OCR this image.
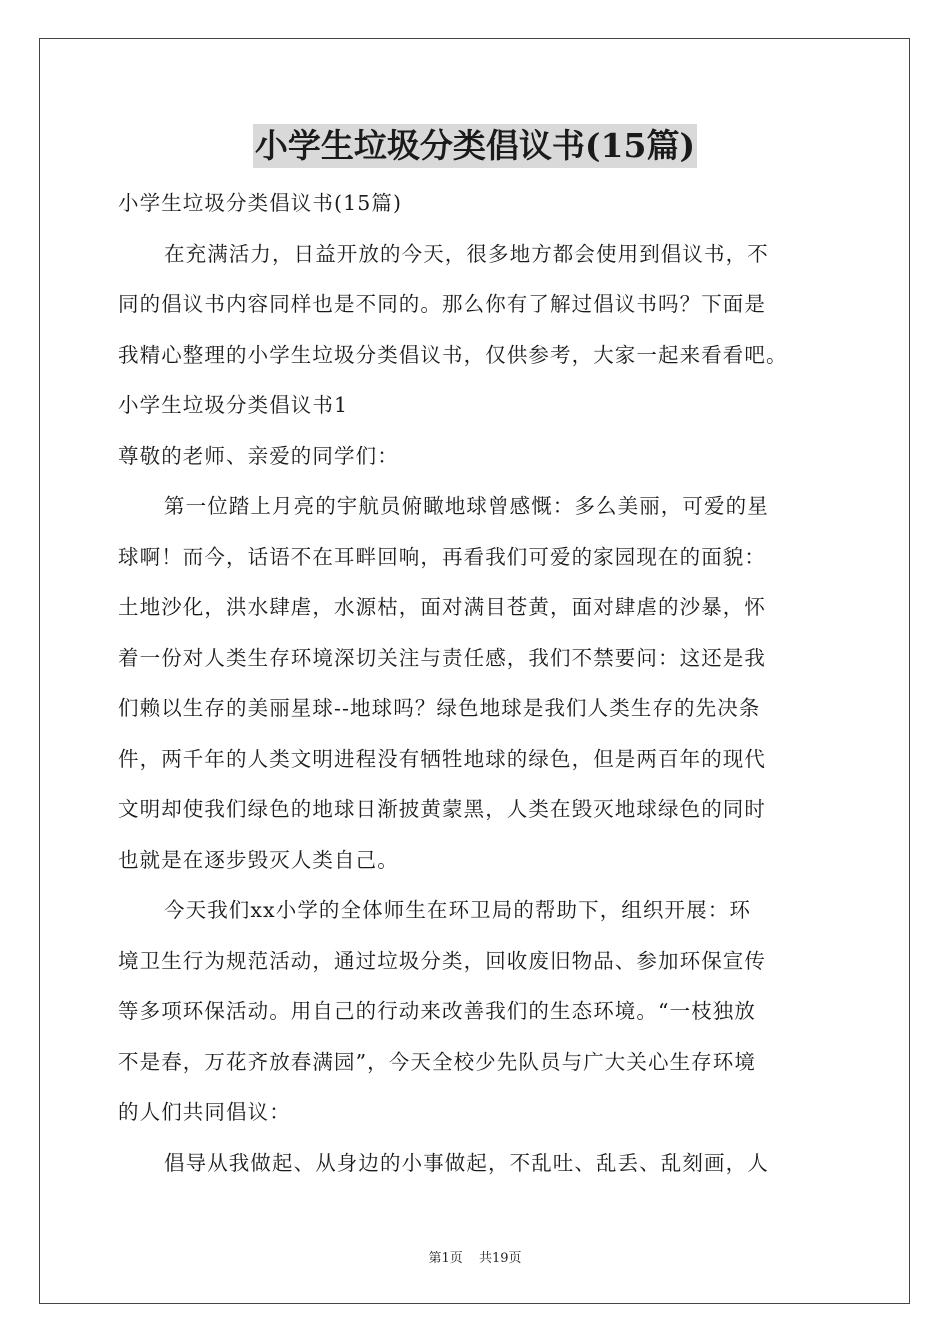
小学生垃圾分类倡议书(15篇)
小学生垃圾分类倡议书(15篇)
在充满活力，日益开放的今天，很多地方都会使用到倡议书，不
同的倡议书内容同样也是不同的。那么你有了解过倡议书吗？下面是
我精心整理的小学生垃圾分类倡议书，仅供参考，大家一起来看看吧。
小学生垃圾分类倡议书1
尊敬的老师、亲爱的同学们：
第一位踏上月亮的宇航员俯瞰地球曾感慨：多么美丽，可爱的星
球啊！而今，话语不在耳畔回响，再看我们可爱的家园现在的面貌：
土地沙化，洪水肆虐，水源枯，面对满目苍黄，面对肆虐的沙暴，怀
着一份对人类生存环境深切关注与责任感，我们不禁要问：这还是我
们赖以生存的美丽星球--地球吗？绿色地球是我们人类生存的先决条
件，两千年的人类文明进程没有牺牲地球的绿色，但是两百年的现代
文明却使我们绿色的地球日渐披黄蒙黑，人类在毁灭地球绿色的同时
也就是在逐步毁灭人类自己。
今天我们xx小学的全体师生在环卫局的帮助下，组织开展：环
境卫生行为规范活动，通过垃圾分类，回收废旧物品、参加环保宣传
等多项环保活动。用自己的行动来改善我们的生态环境。“一枝独放
不是春，万花齐放春满园”，今天全校少先队员与广大关心生存环境
的人们共同倡议：
倡导从我做起、从身边的小事做起，不乱吐、乱丢、乱刻画，人
第1页 共19页
